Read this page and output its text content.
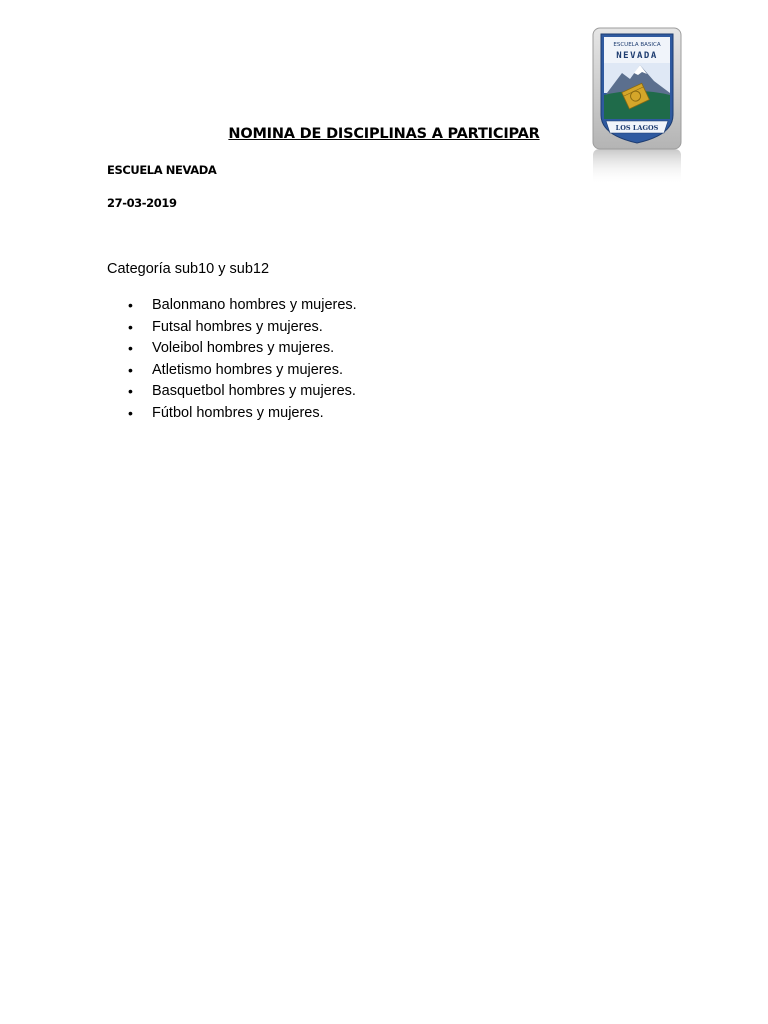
ESCUELA BASICA
NEVADA
LOS LAGOS
NOMINA DE DISCIPLINAS A PARTICIPAR
ESCUELA NEVADA
27-03-2019
Categoría sub10 y sub12
• Balonmano hombres y mujeres.
• Futsal hombres y mujeres.
• Voleibol hombres y mujeres.
• Atletismo hombres y mujeres.
• Basquetbol hombres y mujeres.
• Fútbol hombres y mujeres.
